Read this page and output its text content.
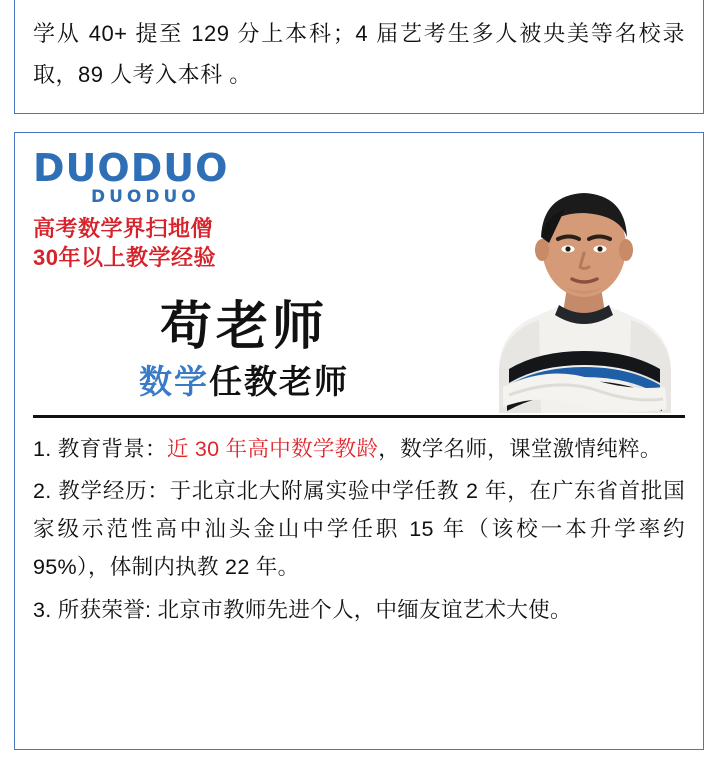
学从 40+ 提至 129 分上本科；4 届艺考生多人被央美等名校录取，89 人考入本科 。

DUODUO
DUODUO
高考数学界扫地僧
30年以上教学经验
苟老师
数学任教老师

1. 教育背景：近 30 年高中数学教龄，数学名师，课堂激情纯粹。

2. 教学经历：于北京北大附属实验中学任教 2 年，在广东省首批国家级示范性高中汕头金山中学任职 15 年（该校一本升学率约 95%），体制内执教 22 年。

3. 所获荣誉: 北京市教师先进个人，中缅友谊艺术大使。
